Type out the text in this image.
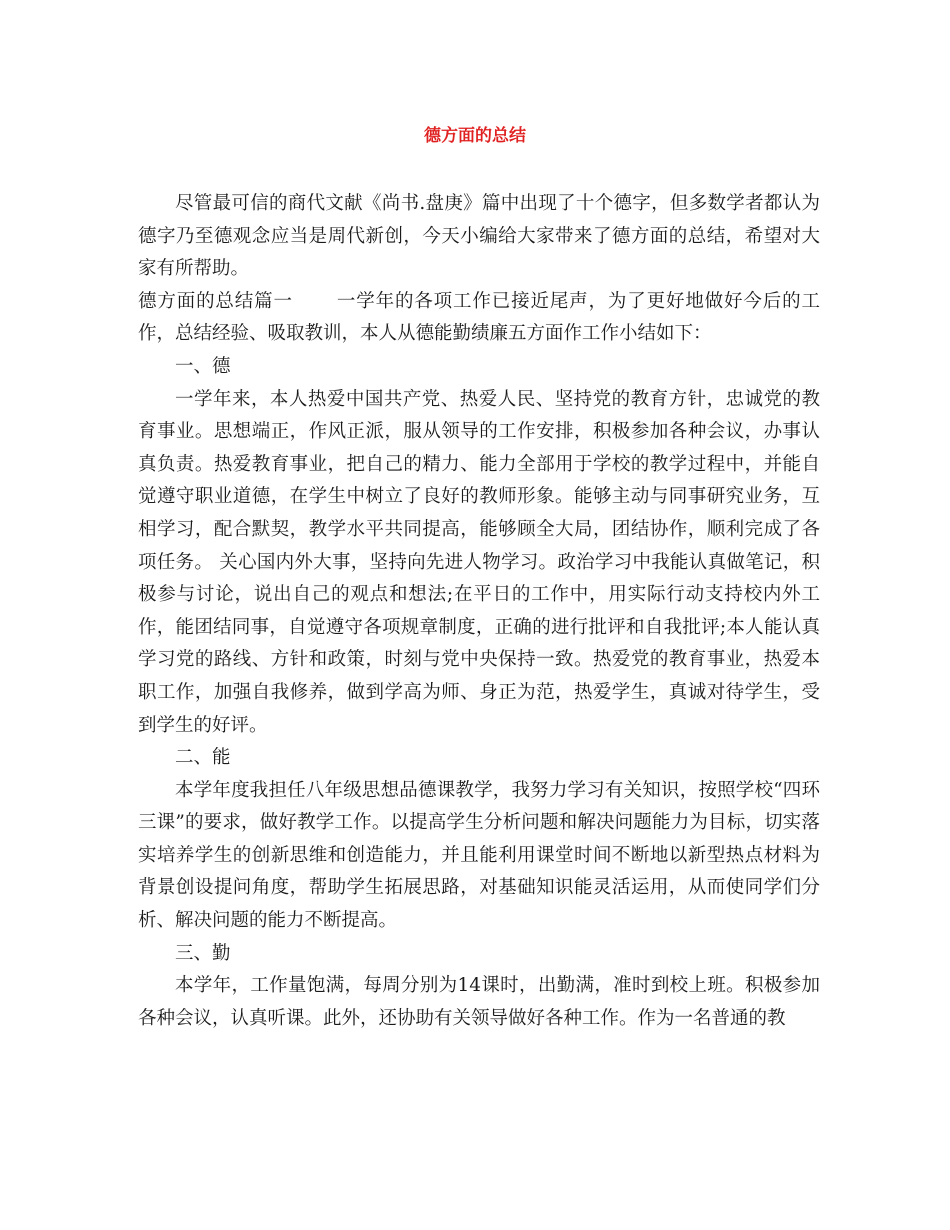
德方面的总结

尽管最可信的商代文献《尚书.盘庚》篇中出现了十个德字，但多数学者都认为德字乃至德观念应当是周代新创，今天小编给大家带来了德方面的总结，希望对大家有所帮助。

德方面的总结篇一 一学年的各项工作已接近尾声，为了更好地做好今后的工作，总结经验、吸取教训，本人从德能勤绩廉五方面作工作小结如下：

一、德

一学年来，本人热爱中国共产党、热爱人民、坚持党的教育方针，忠诚党的教育事业。思想端正，作风正派，服从领导的工作安排，积极参加各种会议，办事认真负责。热爱教育事业，把自己的精力、能力全部用于学校的教学过程中，并能自觉遵守职业道德，在学生中树立了良好的教师形象。能够主动与同事研究业务，互相学习，配合默契，教学水平共同提高，能够顾全大局，团结协作，顺利完成了各项任务。 关心国内外大事，坚持向先进人物学习。政治学习中我能认真做笔记，积极参与讨论，说出自己的观点和想法;在平日的工作中，用实际行动支持校内外工作，能团结同事，自觉遵守各项规章制度，正确的进行批评和自我批评;本人能认真学习党的路线、方针和政策，时刻与党中央保持一致。热爱党的教育事业，热爱本职工作，加强自我修养，做到学高为师、身正为范，热爱学生，真诚对待学生，受到学生的好评。

二、能

本学年度我担任八年级思想品德课教学，我努力学习有关知识，按照学校“四环三课”的要求，做好教学工作。以提高学生分析问题和解决问题能力为目标，切实落实培养学生的创新思维和创造能力，并且能利用课堂时间不断地以新型热点材料为背景创设提问角度，帮助学生拓展思路，对基础知识能灵活运用，从而使同学们分析、解决问题的能力不断提高。

三、勤

本学年，工作量饱满，每周分别为14课时，出勤满，准时到校上班。积极参加各种会议，认真听课。此外，还协助有关领导做好各种工作。作为一名普通的教
